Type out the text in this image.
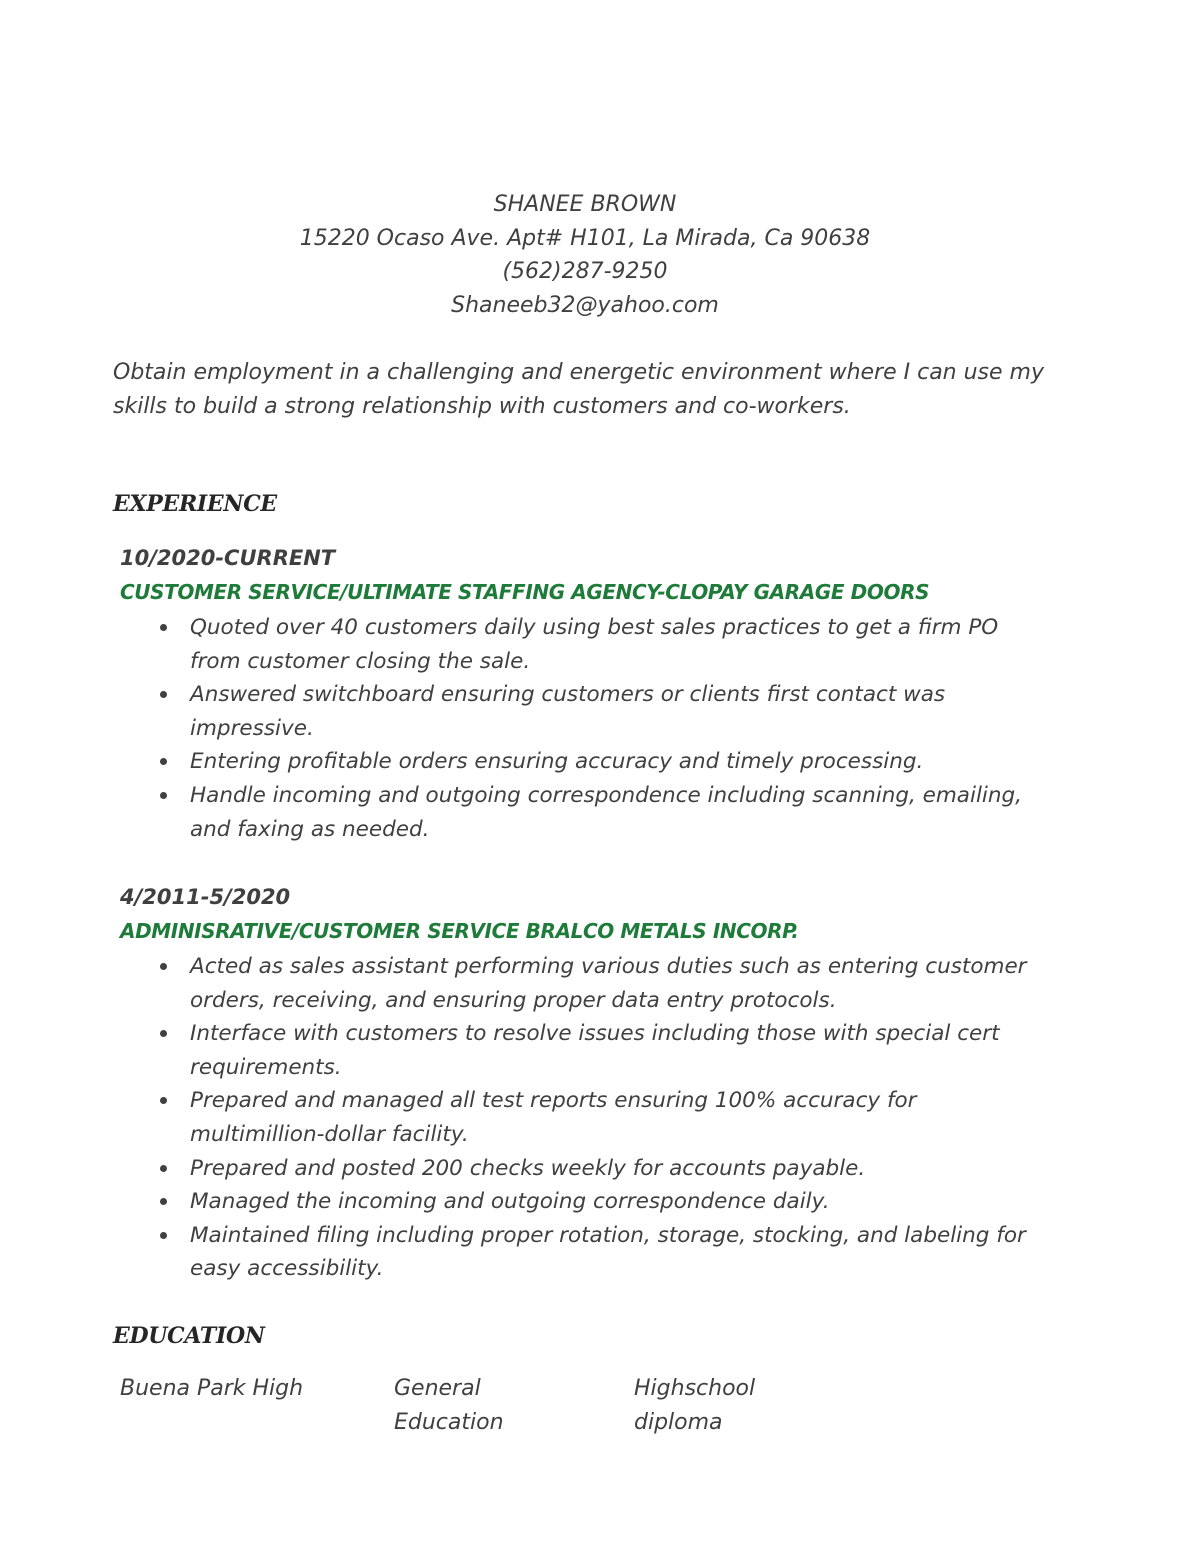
SHANEE BROWN
15220 Ocaso Ave. Apt# H101, La Mirada, Ca 90638
(562)287-9250
Shaneeb32@yahoo.com
Obtain employment in a challenging and energetic environment where I can use my skills to build a strong relationship with customers and co-workers.
EXPERIENCE
10/2020-CURRENT
CUSTOMER SERVICE/ULTIMATE STAFFING AGENCY-CLOPAY GARAGE DOORS
Quoted over 40 customers daily using best sales practices to get a firm PO from customer closing the sale.
Answered switchboard ensuring customers or clients first contact was impressive.
Entering profitable orders ensuring accuracy and timely processing.
Handle incoming and outgoing correspondence including scanning, emailing, and faxing as needed.
4/2011-5/2020
ADMINISRATIVE/CUSTOMER SERVICE BRALCO METALS INCORP.
Acted as sales assistant performing various duties such as entering customer orders, receiving, and ensuring proper data entry protocols.
Interface with customers to resolve issues including those with special cert requirements.
Prepared and managed all test reports ensuring 100% accuracy for multimillion-dollar facility.
Prepared and posted 200 checks weekly for accounts payable.
Managed the incoming and outgoing correspondence daily.
Maintained filing including proper rotation, storage, stocking, and labeling for easy accessibility.
EDUCATION
Buena Park High	General
Education
Highschool
diploma
